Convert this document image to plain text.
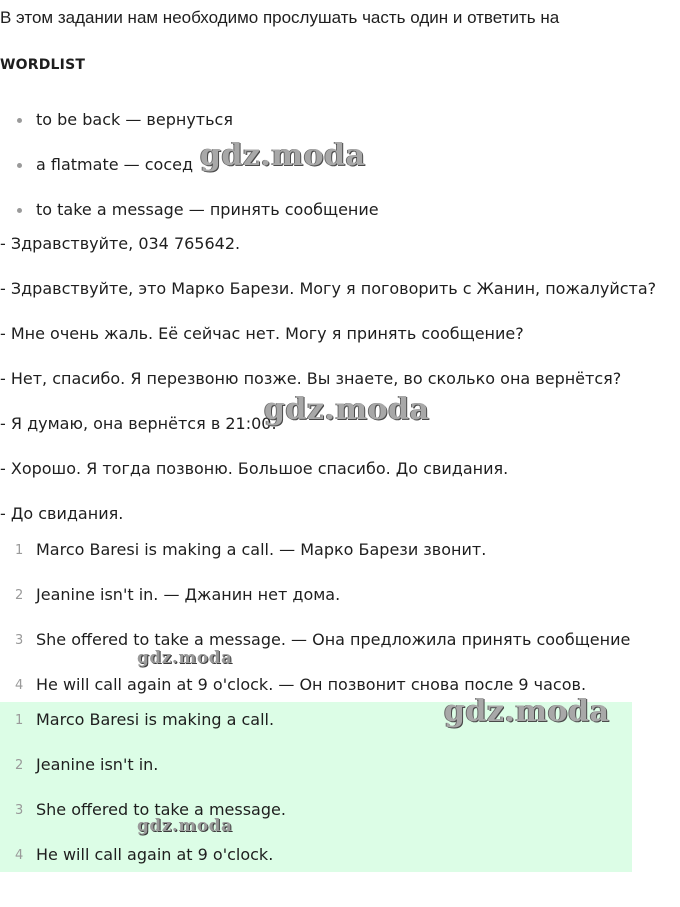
В этом задании нам необходимо прослушать часть один и ответить на
WORDLIST
to be back — вернуться
a flatmate — сосед
to take a message — принять сообщение
- Здравствуйте, 034 765642.
- Здравствуйте, это Марко Барези. Могу я поговорить с Жанин, пожалуйста?
- Мне очень жаль. Её сейчас нет. Могу я принять сообщение?
- Нет, спасибо. Я перезвоню позже. Вы знаете, во сколько она вернётся?
- Я думаю, она вернётся в 21:00.
- Хорошо. Я тогда позвоню. Большое спасибо. До свидания.
- До свидания.
1 Marco Baresi is making a call. — Марко Барези звонит.
2 Jeanine isn't in. — Джанин нет дома.
3 She offered to take a message. — Она предложила принять сообщение
4 He will call again at 9 o'clock. — Он позвонит снова после 9 часов.
1 Marco Baresi is making a call.
2 Jeanine isn't in.
3 She offered to take a message.
4 He will call again at 9 o'clock.
gdz.moda
gdz.moda
gdz.moda
gdz.moda
gdz.moda
